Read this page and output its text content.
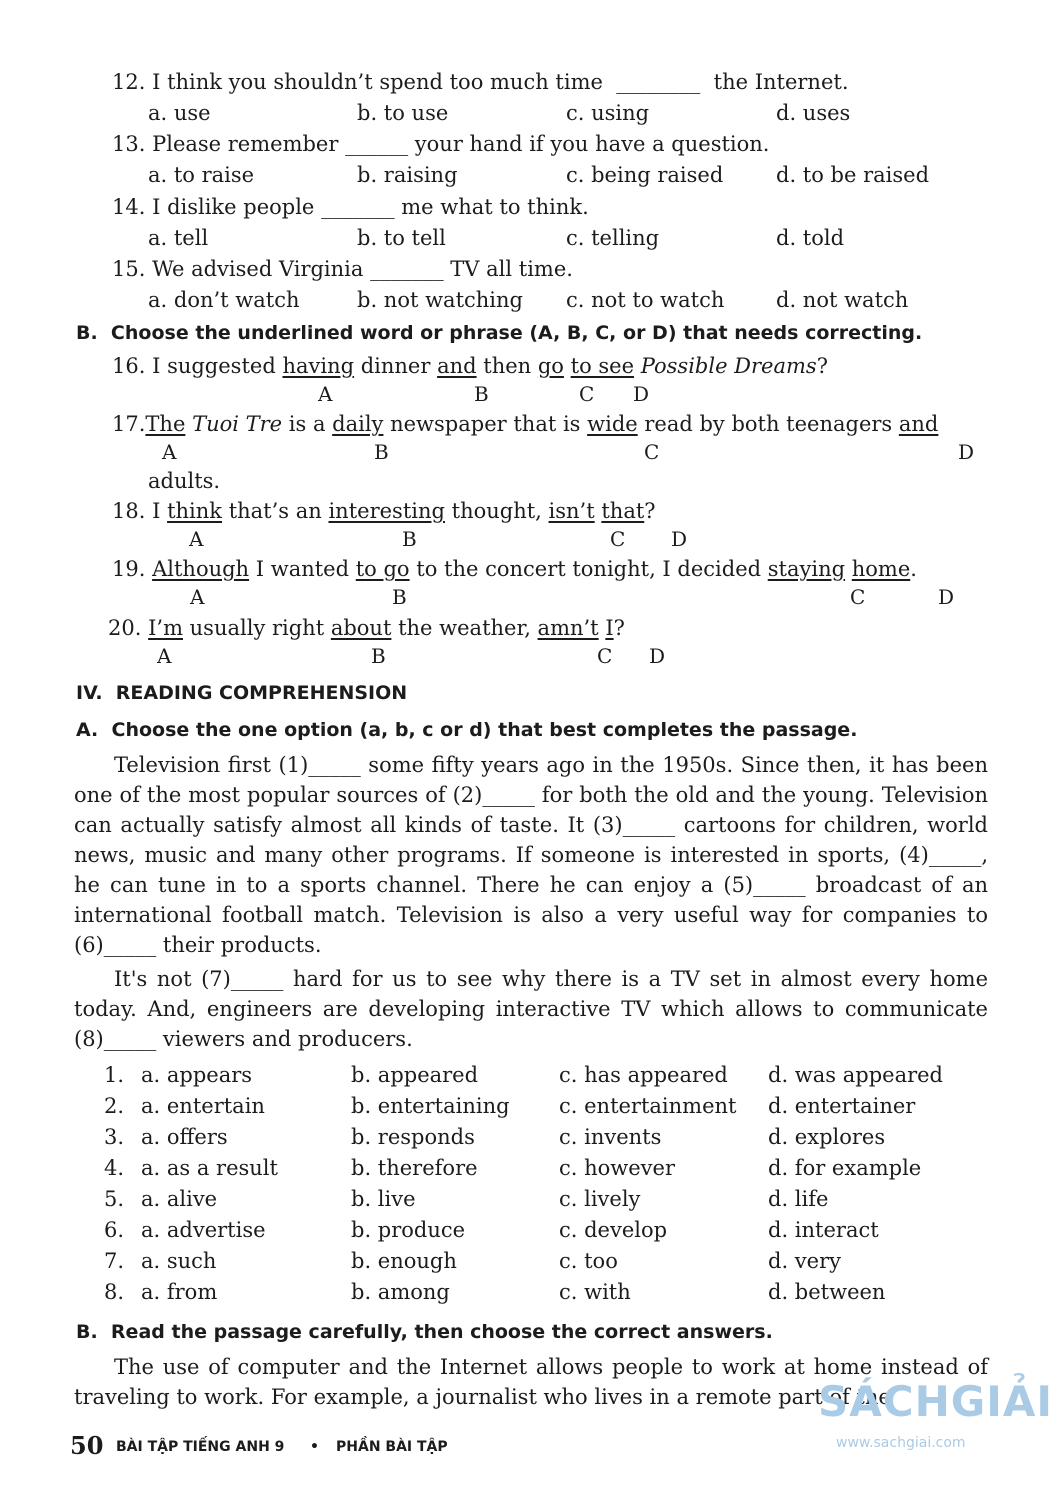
12. I think you shouldn’t spend too much time ________ the Internet.
a. use	b. to use	c. using	d. uses
13. Please remember ______ your hand if you have a question.
a. to raise	b. raising	c. being raised	d. to be raised
14. I dislike people _______ me what to think.
a. tell	b. to tell	c. telling	d. told
15. We advised Virginia _______ TV all time.
a. don’t watch	b. not watching c. not to watch d. not watch
B.  Choose the underlined word or phrase (A, B, C, or D) that needs correcting.
16. I suggested having dinner and then go to see Possible Dreams?
A	B	C D
17.The Tuoi Tre is a daily newspaper that is wide read by both teenagers and
A	B	C	D
adults.
18. I think that’s an interesting thought, isn’t that?
A	B	C D
19. Although I wanted to go to the concert tonight, I decided staying home.
A	B	C	D
20. I’m usually right about the weather, amn’t I?
A	B	C D
IV.  READING COMPREHENSION
A.  Choose the one option (a, b, c or d) that best completes the passage.
Television first (1)_____ some fifty years ago in the 1950s. Since then, it has been one of the most popular sources of (2)_____ for both the old and the young. Television can actually satisfy almost all kinds of taste. It (3)_____ cartoons for children, world news, music and many other programs. If someone is interested in sports, (4)_____, he can tune in to a sports channel. There he can enjoy a (5)_____ broadcast of an international football match. Television is also a very useful way for companies to (6)_____ their products.
It's not (7)_____ hard for us to see why there is a TV set in almost every home today. And, engineers are developing interactive TV which allows to communicate (8)_____ viewers and producers.
1. a. appears	b. appeared	c. has appeared d. was appeared
2. a. entertain	b. entertaining c. entertainment d. entertainer
3. a. offers	b. responds	c. invents	d. explores
4. a. as a result	b. therefore	c. however	d. for example
5. a. alive	b. live	c. lively	d. life
6. a. advertise	b. produce	c. develop	d. interact
7. a. such	b. enough	c. too	d. very
8. a. from	b. among	c. with	d. between
B.  Read the passage carefully, then choose the correct answers.
The use of computer and the Internet allows people to work at home instead of traveling to work. For example, a journalist who lives in a remote part of the
50 BÀI TẬP TIẾNG ANH 9 • PHẦN BÀI TẬP
SÁCHGIẢI
www.sachgiai.com
